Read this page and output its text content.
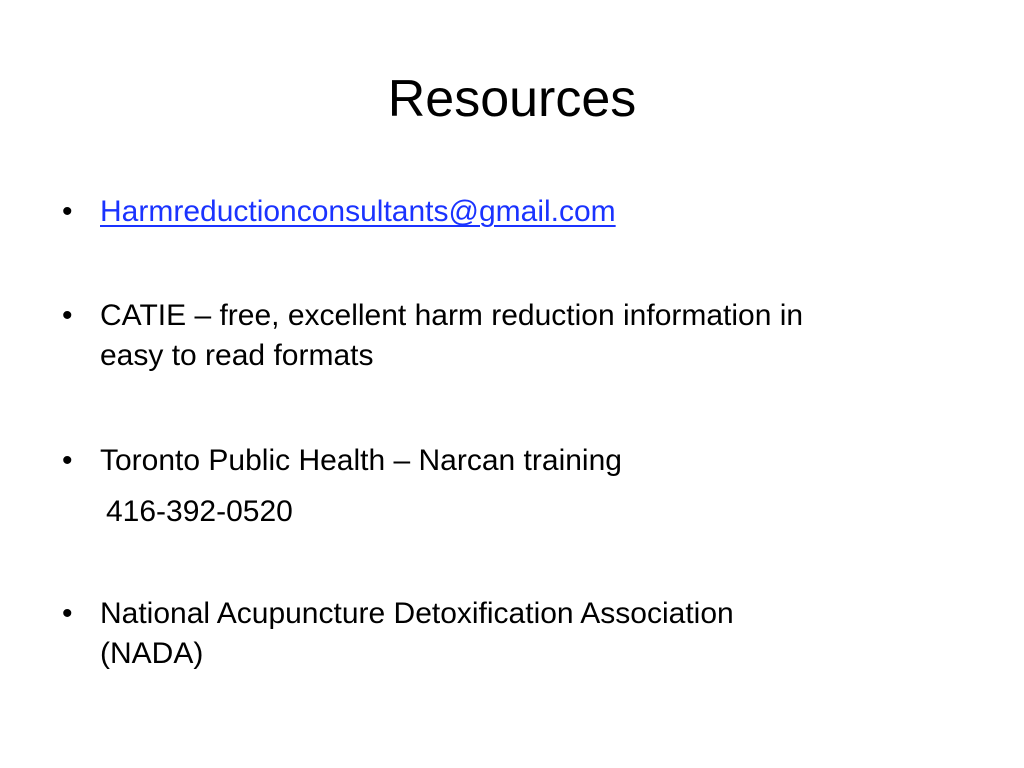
Resources
• Harmreductionconsultants@gmail.com
• CATIE – free, excellent harm reduction information in
easy to read formats
• Toronto Public Health – Narcan training
• National Acupuncture Detoxification Association
(NADA)
416-392-0520
